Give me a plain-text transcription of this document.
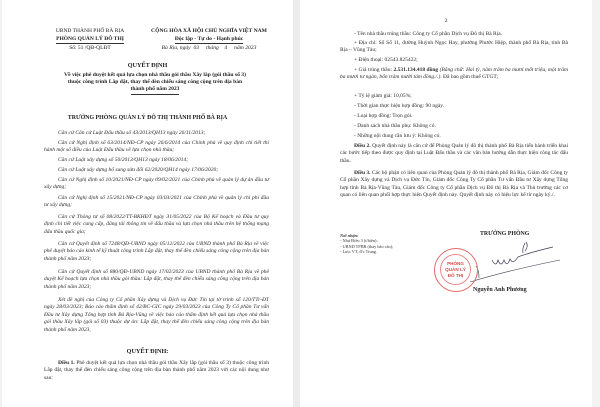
UBND THÀNH PHỐ BÀ RỊA
PHÒNG QUẢN LÝ ĐÔ THỊ
Số: 51 /QĐ-QLĐT
CỘNG HÒA XÃ HỘI CHỦ NGHĨA VIỆT NAM
Độc lập - Tự do - Hạnh phúc
Bà Rịa, ngày  03     tháng    4     năm 2023
QUYẾT ĐỊNH
Về việc phê duyệt kết quả lựa chọn nhà thầu gói thầu Xây lắp (gói thầu số 3)
thuộc công trình Lắp đặt, thay thế đèn chiếu sáng công cộng trên địa bàn
thành phố năm 2023
TRƯỞNG PHÒNG QUẢN LÝ ĐÔ THỊ THÀNH PHỐ BÀ RỊA
Căn cứ Căn cứ Luật Đấu thầu số 43/2013/QH13 ngày 26/11/2013;
Căn cứ Nghị định số 63/2014/NĐ-CP ngày 26/6/2014 của Chính phủ về quy định chi tiết thi hành một số điều của Luật Đấu thầu về lựa chọn nhà thầu;
Căn cứ Luật xây dựng số 50/2013/QH13 ngày 18/06/2014;
Căn cứ Luật xây dựng bổ sung sửa đổi 62/2020/QH14 ngày 17/06/2020;
Căn cứ Nghị định số 10/2021/NĐ-CP ngày 09/02/2021 của Chính phủ về quản lý dự án đầu tư xây dựng;
Căn cứ Nghị định số 15/2021/NĐ-CP ngày 03/03/2021 của Chính phủ về quản lý chi phí đầu tư xây dựng;
Căn cứ Thông tư số 08/2022/TT-BKHĐT ngày 31/05/2022 của Bộ Kế hoạch và Đầu tư quy định chi tiết việc cung cấp, đăng tải thông tin về đấu thầu và lựa chọn nhà thầu trên hệ thống mạng đấu thầu quốc gia;
Căn cứ Quyết định số 7248/QĐ-UBND ngày 05/12/2022 của UBND thành phố Bà Rịa về việc phê duyệt báo cáo kinh tế kỹ thuật công trình Lắp đặt, thay thế đèn chiếu sáng công cộng trên địa bàn thành phố năm 2023;
Căn cứ Quyết định số 880/QĐ-UBND ngày 17/02/2023 của UBND thành phố Bà Rịa về phê duyệt Kế hoạch lựa chọn nhà thầu gói thầu: Lắp đặt, thay thế đèn chiếu sáng công cộng trên địa bàn thành phố năm 2023;
Xét đề nghị của Công ty Cổ phần Xây dựng và Dịch vụ Đức Tín tại tờ trình số 120/TTr-ĐT ngày 28/03/2023; Báo cáo thẩm định số 42/BC-GIC ngày 29/03/2023 của Công Ty Cổ phần Tư vấn Đầu tư Xây dựng Tổng hợp tỉnh Bà Rịa-Vũng về việc báo cáo thẩm định kết quả lựa chọn nhà thầu gói thầu Xây lắp (gói số 03) thuộc dự án: Lắp đặt, thay thế đèn chiếu sáng công cộng trên địa bàn thành phố năm 2023,
QUYẾT ĐỊNH:
Điều 1. Phê duyệt kết quả lựa chọn nhà thầu gói thầu Xây lắp (gói thầu số 3) thuộc công trình Lắp đặt, thay thế đèn chiếu sáng công cộng trên địa bàn thành phố năm 2023 với các nội dung như sau:
2
- Tên nhà thầu trúng thầu: Công ty Cổ phần Dịch vụ Đô thị Bà Rịa.
+ Địa chỉ: Số Số 11, đường Huỳnh Ngọc Hay, phường Phước Hiệp, thành phố Bà Rịa, tỉnh Bà Rịa – Vũng Tàu;
+ Điện thoại: 02543.825422;
+ Giá trúng thầu: 2.531.134.418 đồng (Bằng chữ: Hai tỷ, năm trăm ba mươi mốt triệu, một trăm ba mươi tư ngàn, bốn trăm mười tám đồng./.). Đã bao gồm thuế GTGT;
+ Tỷ lệ giảm giá: 10,05%;
- Thời gian thực hiện hợp đồng: 90 ngày.
- Loại hợp đồng: Trọn gói.
- Danh sách nhà thầu phụ: Không có.
- Những nội dung cần lưu ý: Không có.
Điều 2. Quyết định này là căn cứ để Phòng Quản lý đô thị thành phố Bà Rịa tiến hành triển khai các bước tiếp theo được quy định tại Luật Đấu thầu và các văn bản hướng dẫn thực hiện công tác đấu thầu.
Điều 3. Các bộ phận có liên quan của Phòng Quản lý đô thị thành phố Bà Rịa, Giám đốc Công ty Cổ phần Xây dựng và Dịch vụ Đức Tín, Giám đốc Công Ty Cổ phần Tư vấn Đầu tư Xây dựng Tổng hợp tỉnh Bà Rịa-Vũng Tàu, Giám đốc Công ty Cổ phần Dịch vụ Đô thị Bà Rịa và Thủ trưởng các cơ quan có liên quan phối hợp thực hiện Quyết định này. Quyết định này có hiệu lực kể từ ngày ký./.
Nơi nhận:
- Như Điều 3 (t/hiện);
- UBND TPBR (thay báo cáo);
- Lưu: VT, đ/c Trung.
TRƯỞNG PHÒNG
Nguyễn Anh Phương
PHÒNG
QUẢN LÝ
ĐÔ THỊ
